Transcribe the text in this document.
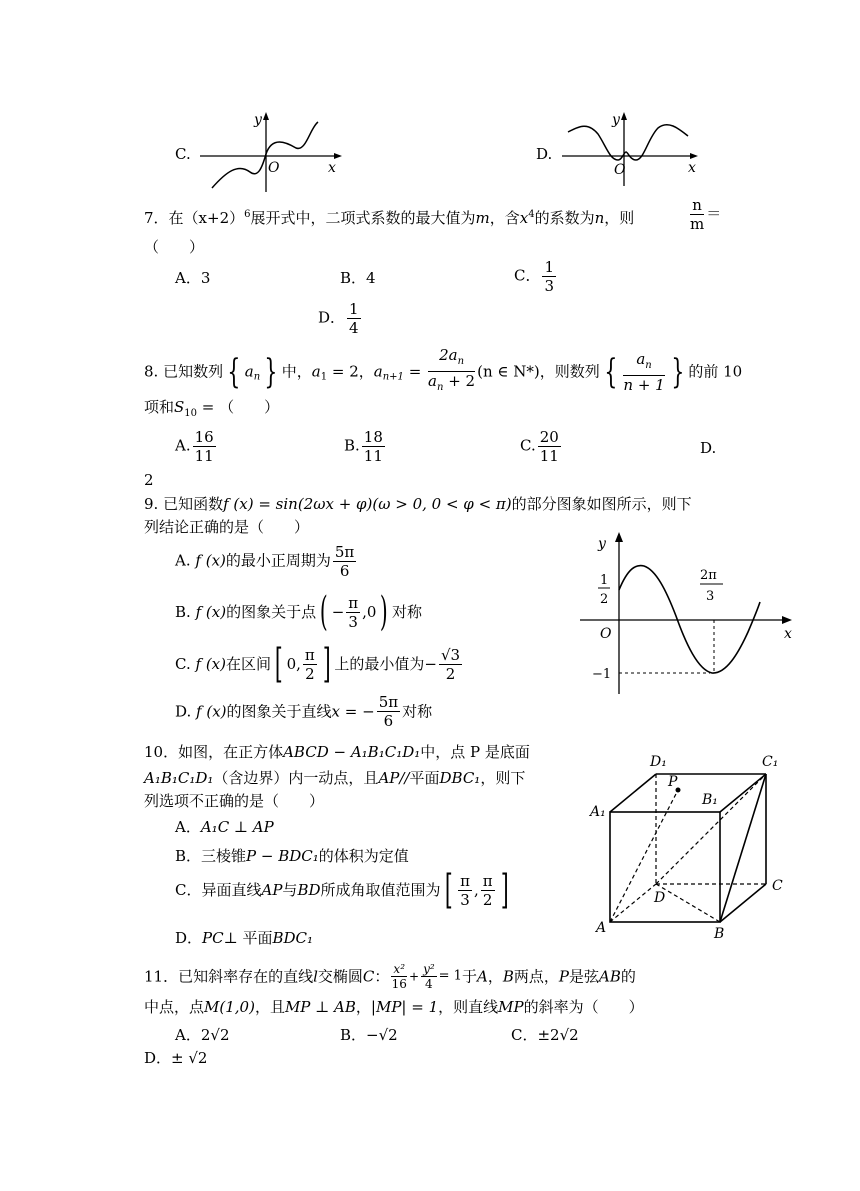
C.
y
x
O
D.
y
x
O
7．在$(x+2)^6$展开式中，二项式系数的最大值为m，含$x^4$的系数为n，则	$\frac{n}{m}$ ＝
（　　）
A．3	B．4	C． $\frac{1}{3}$
D． $\frac{1}{4}$
8. 已知数列 { $a_n$ } 中，$a_1 = 2$，$a_{n+1} = \frac{2a_n}{a_n + 2} (n$ ∈ N*)，则数列 { $\frac{a_n}{n + 1}$ } 的前 10
项和$S_{10}$ = （　　）
A. $\frac{16}{11}$	B. $\frac{18}{11}$	C. $\frac{20}{11}$	D.
2
9. 已知函数f (x) = sin(2ωx + φ)(ω > 0, 0 < φ < π)的部分图象如图所示，则下
列结论正确的是（　　）
A. f (x)的最小正周期为 $\frac{5\pi}{6}$
B. f (x)的图象关于点( − $\frac{\pi}{3} ,0$) 对称
C. f (x)在区间[ 0, $\frac{\pi}{2}$ ] 上的最小值为− $\frac{√3}{2}$
D. f (x)的图象关于直线x = − $\frac{5\pi}{6}$ 对称
y
x
O
1
2
2π
3
−1
10．如图，在正方体ABCD − A₁B₁C₁D₁中，点 P 是底面
A₁B₁C₁D₁（含边界）内一动点，且AP//平面DBC₁，则下
列选项不正确的是（　　）
A．A₁C ⊥ AP
B．三棱锥P − BDC₁的体积为定值
C．异面直线AP与BD所成角取值范围为[ $\frac{\pi}{3}$ , $\frac{\pi}{2}$ ]
D．PC⊥ 平面BDC₁
D₁	C₁
A₁
B₁
P
D
C
A	B
11．已知斜率存在的直线l交椭圆C： $\frac{\text{x²}}{16} + \frac{\text{y²}}{4} = 1$于A，B两点，P是弦AB的
中点，点M(1,0)，且MP ⊥ AB，|MP| = 1，则直线MP的斜率为（　　）
A．2√2	B．−√2	C．±2√2
D．± √2
